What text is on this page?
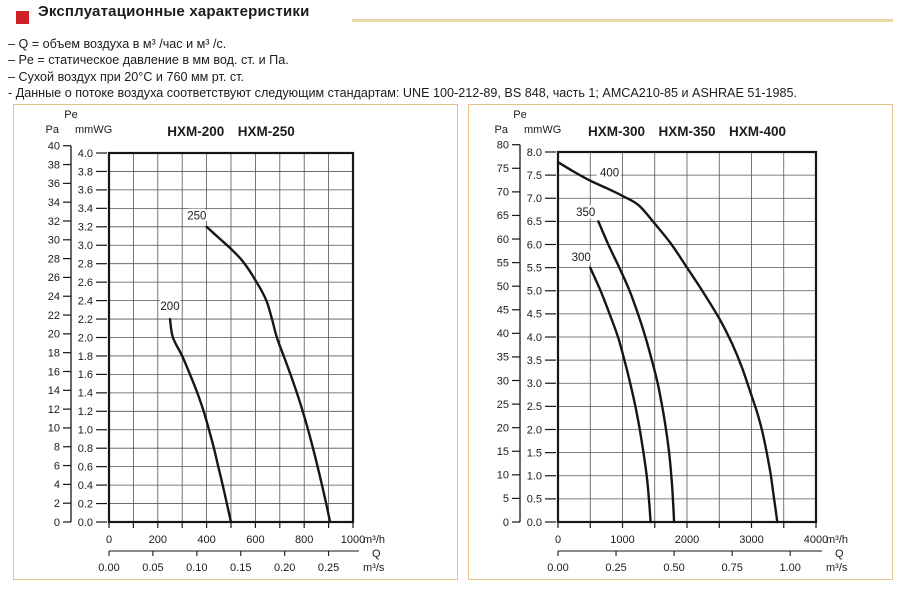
Эксплуатационные характеристики
– Q = объем воздуха в м³ /час и м³ /с.
– Pe = статическое давление в мм вод. ст. и Па.
– Сухой воздух при 20°C и 760 мм рт. ст.
- Данные о потоке воздуха соответствуют следующим стандартам: UNE 100-212-89, BS 848, часть 1; AMCA210-85 и ASHRAE 51-1985.
40
38
36
34
32
30
28
26
24
22
20
18
16
14
12
10
8
6
4
2
0 0.0
0.2
0.4
0.6
0.8
1.0
1.2
1.4
1.6
1.8
2.0
2.2
2.4
2.6
2.8
3.0
3.2
3.4
3.6
3.8
4.0
Pe
Pa mmWG	HXM-200  HXM-250
0	200	400	600	800 1000
m³/h
0.00 0.05 0.10 0.15 0.20 0.25
Q
m³/s
200
250
80
75
70
65
60
55
50
45
40
35
30
25
20
15
10
5
0 0.0
0.5
1.0
1.5
2.0
2.5
3.0
3.5
4.0
4.5
5.0
5.5
6.0
6.5
7.0
7.5
8.0
Pe
Pa mmWG HXM-300  HXM-350  HXM-400
0	1000	2000	3000	4000
m³/h
0.00	0.25	0.50	0.75	1.00
Q
m³/s
400
350
300
